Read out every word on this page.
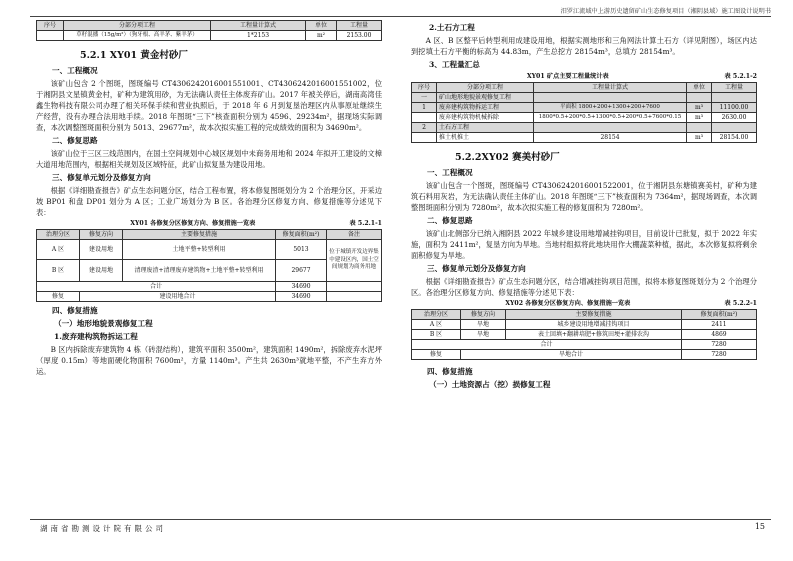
汨罗江流域中上游历史遗留矿山生态修复项目（湘阴县域）施工图设计说明书
序号	分部分项工程	工程量计算式	单位	工程量
	草籽混播（15g/m²）（狗牙根、高羊茅、紫羊茅）	1*2153	m²	2153.00
5.2.1 XY01 黄金村砂厂
一、工程概况

该矿山包含 2 个图斑，图斑编号 CT4306242016001551001、CT4306242016001551002，位于湘阴县文星镇黄金村，矿种为建筑用砂，为无法确认责任主体废弃矿山。2017 年被关停后，湖南高湾佳鑫生物科技有限公司办理了相关环保手续和营业执照后，于 2018 年 6 月到复垦治理区内从事原址继续生产经营，没有办理合法用地手续。2018 年图斑“三下”核查面积分别为 4596、29234m²，据现场实际调查，本次调整图斑面积分别为 5013、29677m²，故本次拟实施工程的完成绩效的面积为 34690m²。

二、修复思路

该矿山位于三区三线范围内，在国土空间规划中心城区规划中未商务用地和 2024 年拟开工建设的文樟大道用地范围内，根据相关规划及区域特征，此矿山拟复垦为建设用地。

三、修复单元划分及修复方向

根据《详细勘查报告》矿点生态问题分区，结合工程布置，将本修复图斑划分为 2 个治理分区，开采边坡 BP01 和盘 DP01 划分为 A 区；工业广场划分为 B 区。各治理分区修复方向、修复措施等分述见下表：

XY01 各修复分区修复方向、修复措施一览表	表 5.2.1-1
治理分区	修复方向	主要修复措施	修复面积(m²)	备注
A 区	建设用地	土地平整+转型利用	5013	位于城镇开发边界集中建设区内，国土空间规划为商务用地
B 区	建设用地	清理废渣+清理废弃建筑物+土地平整+转型利用	29677	
合计			34690	
修复	建设用地合计		34690	
四、修复措施
（一）地形地貌景观修复工程
1.废弃建构筑物拆运工程

B 区内拆除废弃建筑物 4 栋（砖混结构），建筑平面积 3500m²，建筑面积 1490m²，拆除废弃水泥坪（厚度 0.15m）等地面硬化物面积 7600m²，方量 1140m³。产生共 2630m³就地平整，不产生弃方外运。

2.土石方工程

A 区、B 区整平后转型利用成建设用地，根据实测地形和三角网法计算土石方（详见附图），场区内达到挖填土石方平衡的标高为 44.83m，产生总挖方 28154m³，总填方 28154m³。

3、工程量汇总
XY01 矿点主要工程量统计表	表 5.2.1-2
序号	分部分项工程	工程量计算式	单位	工程量
一	矿山地形地貌景观修复工程			
1	废弃建构筑物拆运工程	平面积 1800+200+1300+200+7600	m³	11100.00
	废弃建构筑物机械拆除	1800*0.5+200*0.5+1300*0.5+200*0.5+7600*0.15	m³	2630.00
2	土石方工程			
	推土机推土	28154	m³	28154.00
5.2.2XY02 赛美村砂厂
一、工程概况

该矿山包含一个图斑，图斑编号 CT4306242016001522001，位于湘阴县东塘镇赛美村，矿种为建筑石料用灰岩，为无法确认责任主体矿山。2018 年图斑“三下”核查面积为 7364m²，据现场调查，本次调整图斑面积分别为 7280m²，故本次拟实施工程的修复面积为 7280m²。

二、修复思路

该矿山北侧部分已纳入湘阴县 2022 年城乡建设用地增减挂钩项目，目前设计已批复，拟于 2022 年实施，面积为 2411m²，复垦方向为旱地。当地村组拟将此地块用作大棚蔬菜种植，据此，本次修复拟将剩余面积修复为旱地。

三、修复单元划分及修复方向

根据《详细勘查报告》矿点生态问题分区，结合增减挂钩项目范围，拟将本修复图斑划分为 2 个治理分区。各治理分区修复方向、修复措施等分述见下表：

XY02 各修复分区修复方向、修复措施一览表	表 5.2.2-1
治理分区	修复方向	主要修复措施	修复面积(m²)
A 区	旱地	城乡建设用地增减挂钩项目	2411
B 区	旱地	表土回填+翻耕培肥+修筑田埂+灌排农沟	4869
合计			7280
修复	旱地合计		7280
四、修复措施
（一）土地资源占（挖）损修复工程
湖南省勘测设计院有限公司	15
